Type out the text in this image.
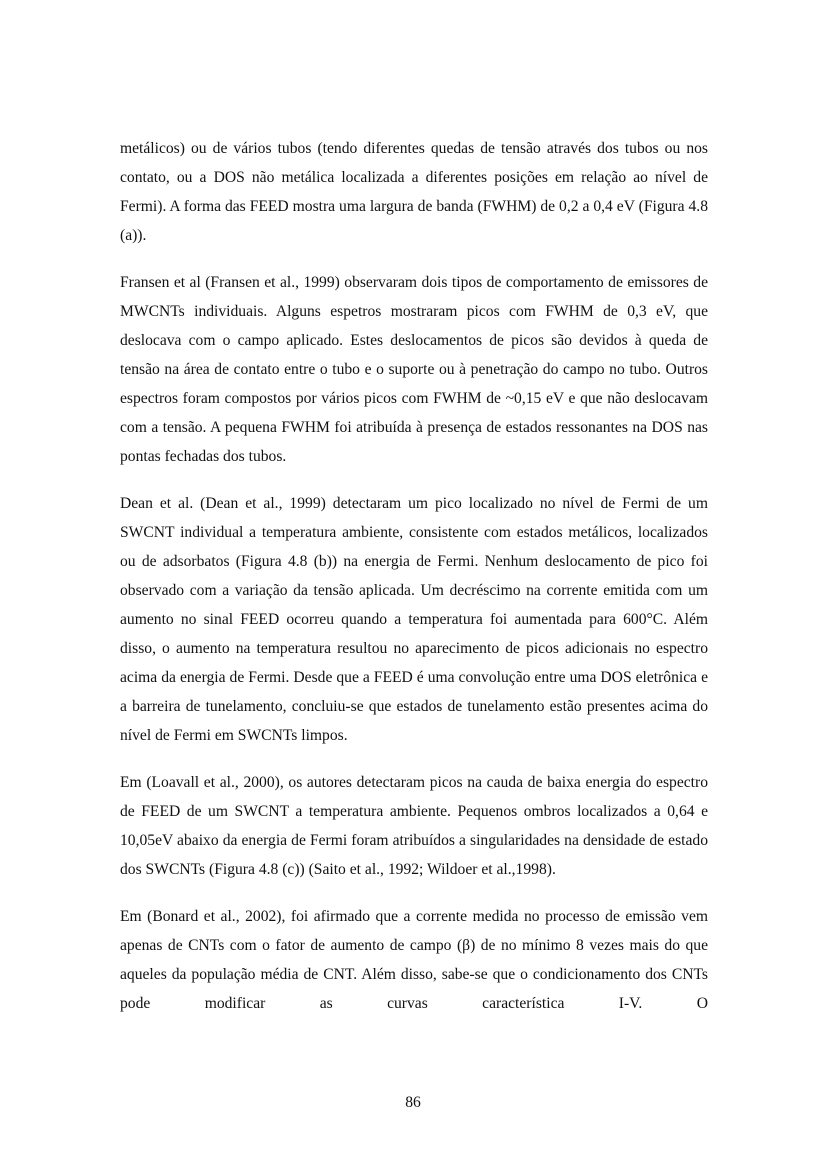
metálicos) ou de vários tubos (tendo diferentes quedas de tensão através dos tubos ou nos contato, ou a DOS não metálica localizada a diferentes posições em relação ao nível de Fermi). A forma das FEED mostra uma largura de banda (FWHM) de 0,2 a 0,4 eV (Figura 4.8 (a)).

Fransen et al (Fransen et al., 1999) observaram dois tipos de comportamento de emissores de MWCNTs individuais. Alguns espetros mostraram picos com FWHM de 0,3 eV, que deslocava com o campo aplicado. Estes deslocamentos de picos são devidos à queda de tensão na área de contato entre o tubo e o suporte ou à penetração do campo no tubo. Outros espectros foram compostos por vários picos com FWHM de ~0,15 eV e que não deslocavam com a tensão. A pequena FWHM foi atribuída à presença de estados ressonantes na DOS nas pontas fechadas dos tubos.

Dean et al. (Dean et al., 1999) detectaram um pico localizado no nível de Fermi de um SWCNT individual a temperatura ambiente, consistente com estados metálicos, localizados ou de adsorbatos (Figura 4.8 (b)) na energia de Fermi. Nenhum deslocamento de pico foi observado com a variação da tensão aplicada. Um decréscimo na corrente emitida com um aumento no sinal FEED ocorreu quando a temperatura foi aumentada para 600°C. Além disso, o aumento na temperatura resultou no aparecimento de picos adicionais no espectro acima da energia de Fermi. Desde que a FEED é uma convolução entre uma DOS eletrônica e a barreira de tunelamento, concluiu-se que estados de tunelamento estão presentes acima do nível de Fermi em SWCNTs limpos.

Em (Loavall et al., 2000), os autores detectaram picos na cauda de baixa energia do espectro de FEED de um SWCNT a temperatura ambiente. Pequenos ombros localizados a 0,64 e 10,05eV abaixo da energia de Fermi foram atribuídos a singularidades na densidade de estado dos SWCNTs (Figura 4.8 (c)) (Saito et al., 1992; Wildoer et al.,1998).

Em (Bonard et al., 2002), foi afirmado que a corrente medida no processo de emissão vem apenas de CNTs com o fator de aumento de campo (β) de no mínimo 8 vezes mais do que aqueles da população média de CNT. Além disso, sabe-se que o condicionamento dos CNTs pode modificar as curvas característica I-V. O

86
